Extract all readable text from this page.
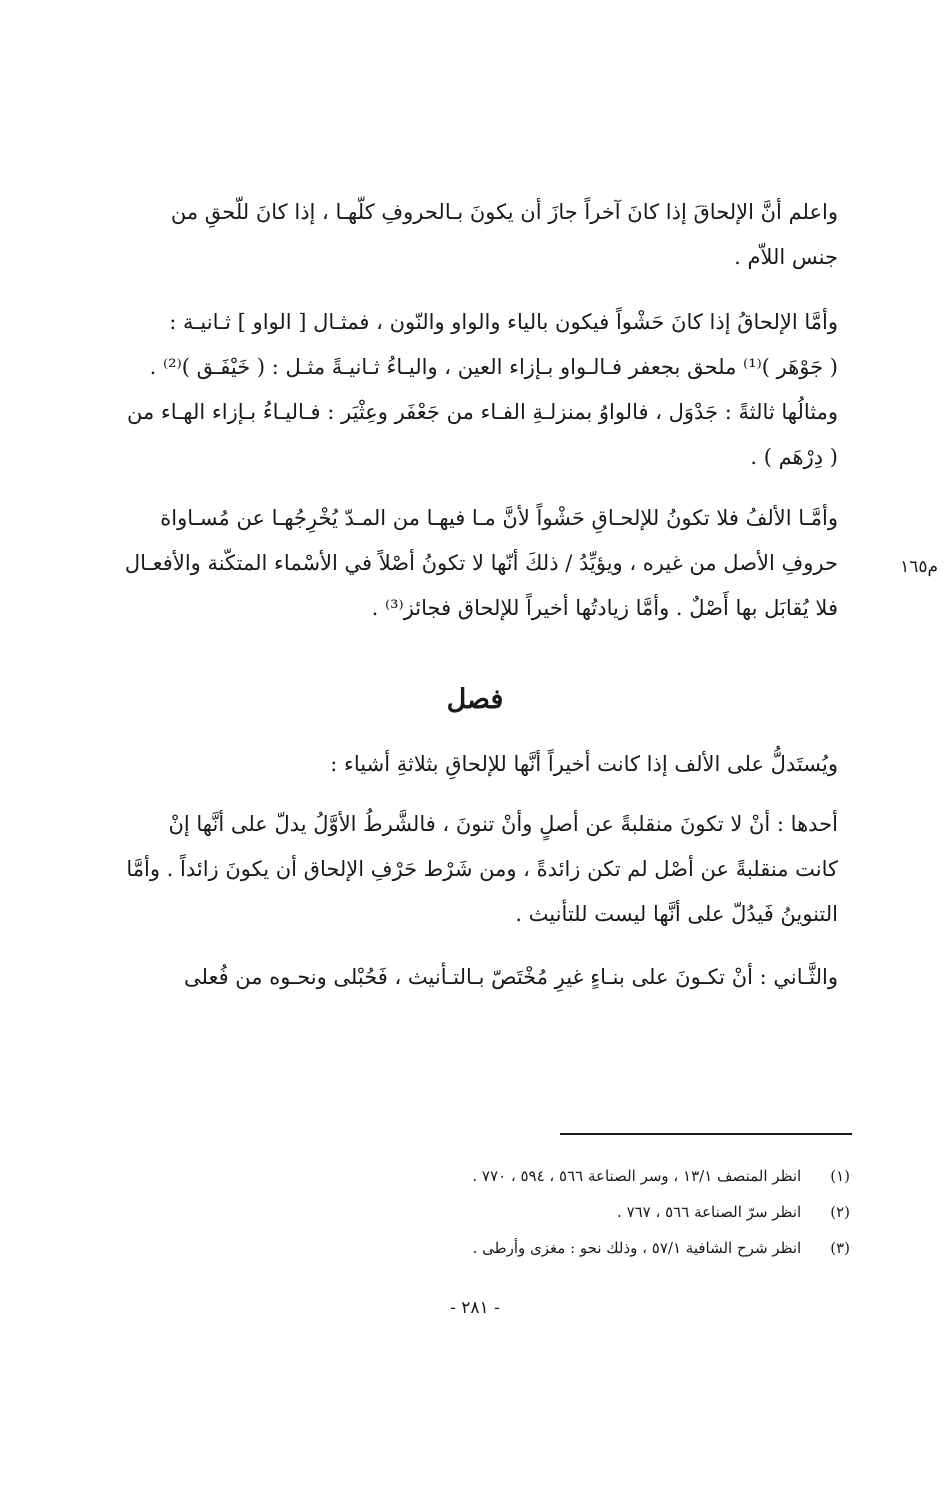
واعلم أنَّ الإلحاقَ إذا كانَ آخراً جازَ أن يكونَ بـالحروفِ كلّهـا ، إذا كانَ للّحقِ من
جنس اللاّم .
وأمَّا الإلحاقُ إذا كانَ حَشْواً فيكون بالياء والواو والنّون ، فمثـال [ الواو ] ثـانيـة :
( جَوْهَر )⁽¹⁾ ملحق بجعفر فـالـواو بـإزاء العين ، واليـاءُ ثـانيـةً مثـل : ( خَيْفَـق )⁽²⁾ .
ومثالُها ثالثةً : جَدْوَل ، فالواوُ بمنزلـةِ الفـاء من جَعْفَر وعِثْيَر : فـاليـاءُ بـإزاء الهـاء من
( دِرْهَم ) .
وأمَّـا الألفُ فلا تكونُ للإلحـاقِ حَشْواً لأنَّ مـا فيهـا من المـدّ يُخْرِجُهـا عن مُسـاواة
حروفِ الأصل من غيره ، ويؤيِّدُ / ذلكَ أنّها لا تكونُ أصْلاً في الأسْماء المتكّنة والأفعـال
فلا يُقابَل بها أَصْلٌ . وأمَّا زيادتُها أخيراً للإلحاق فجائز⁽³⁾ .
م١٦٥
فصل
ويُستَدلُّ على الألف إذا كانت أخيراً أنَّها للإلحاقِ بثلاثةِ أشياء :
أحدها : أنْ لا تكونَ منقلبةً عن أصلٍ وأنْ تنونَ ، فالشَّرطُ الأوَّلُ يدلّ على أنَّها إنْ
كانت منقلبةً عن أصْل لم تكن زائدةً ، ومن شَرْط حَرْفِ الإلحاق أن يكونَ زائداً . وأمَّا
التنوينُ فَيدُلّ على أنَّها ليست للتأنيث .
والثَّـاني : أنْ تكـونَ على بنـاءٍ غيرِ مُخْتَصّ بـالتـأنيث ، فَحُبْلى ونحـوه من فُعلى
(١) انظر المنصف ١٣/١ ، وسر الصناعة ٥٦٦ ، ٥٩٤ ، ٧٧٠ .
(٢) انظر سرّ الصناعة ٥٦٦ ، ٧٦٧ .
(٣) انظر شرح الشافية ٥٧/١ ، وذلك نحو : مغزى وأرطى .
- ٢٨١ -
